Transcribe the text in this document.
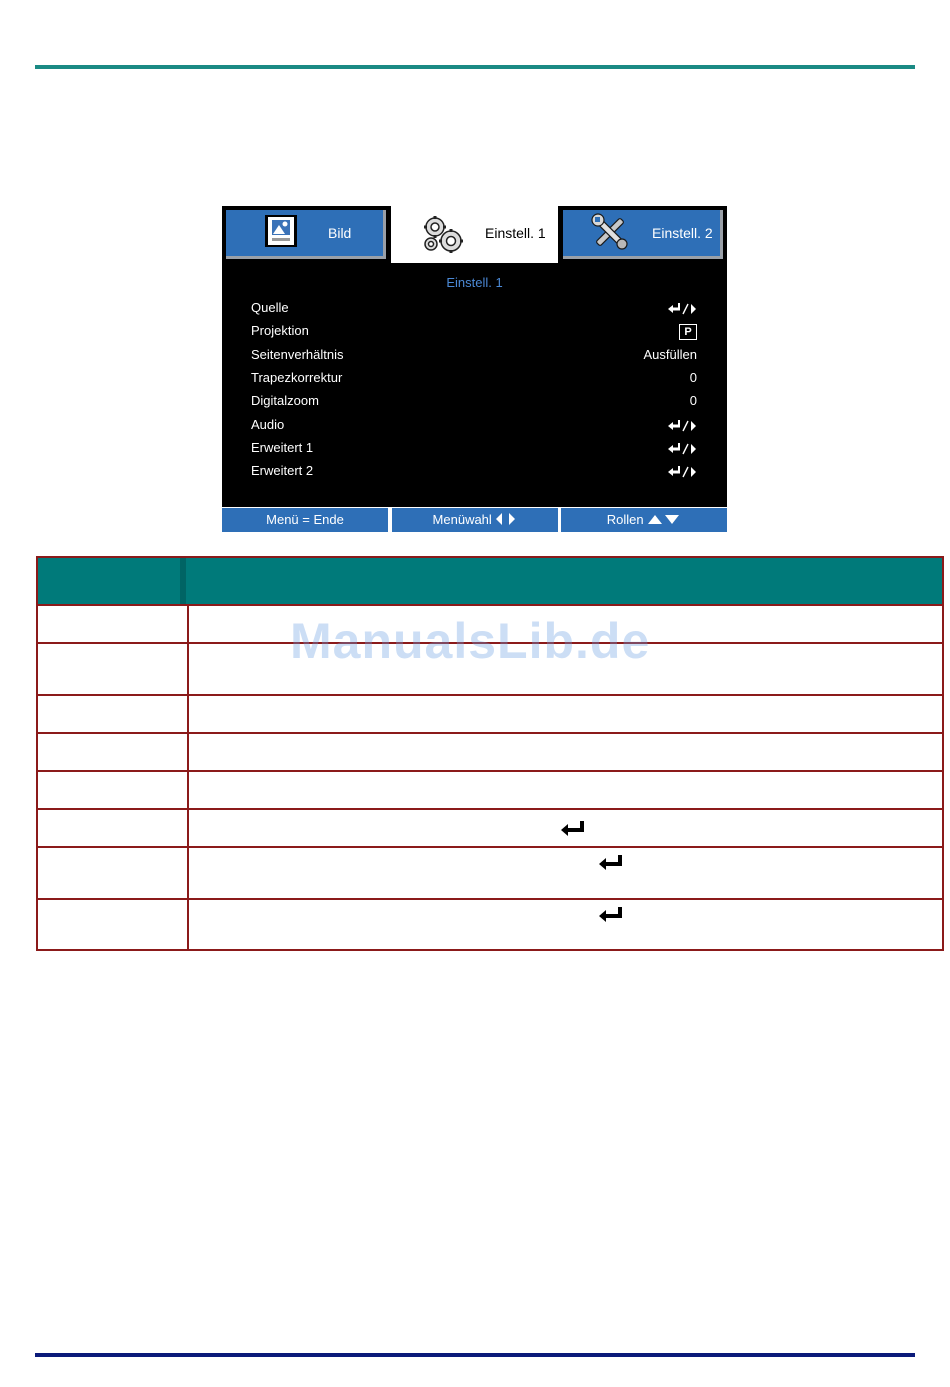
Bild	Einstell. 1	Einstell. 2
Einstell. 1
Quelle
Projektion	P
Seitenverhältnis	Ausfüllen
Trapezkorrektur	0
Digitalzoom	0
Audio
Erweitert 1
Erweitert 2
Menü = Ende	Menüwahl	Rollen
ManualsLib.de
